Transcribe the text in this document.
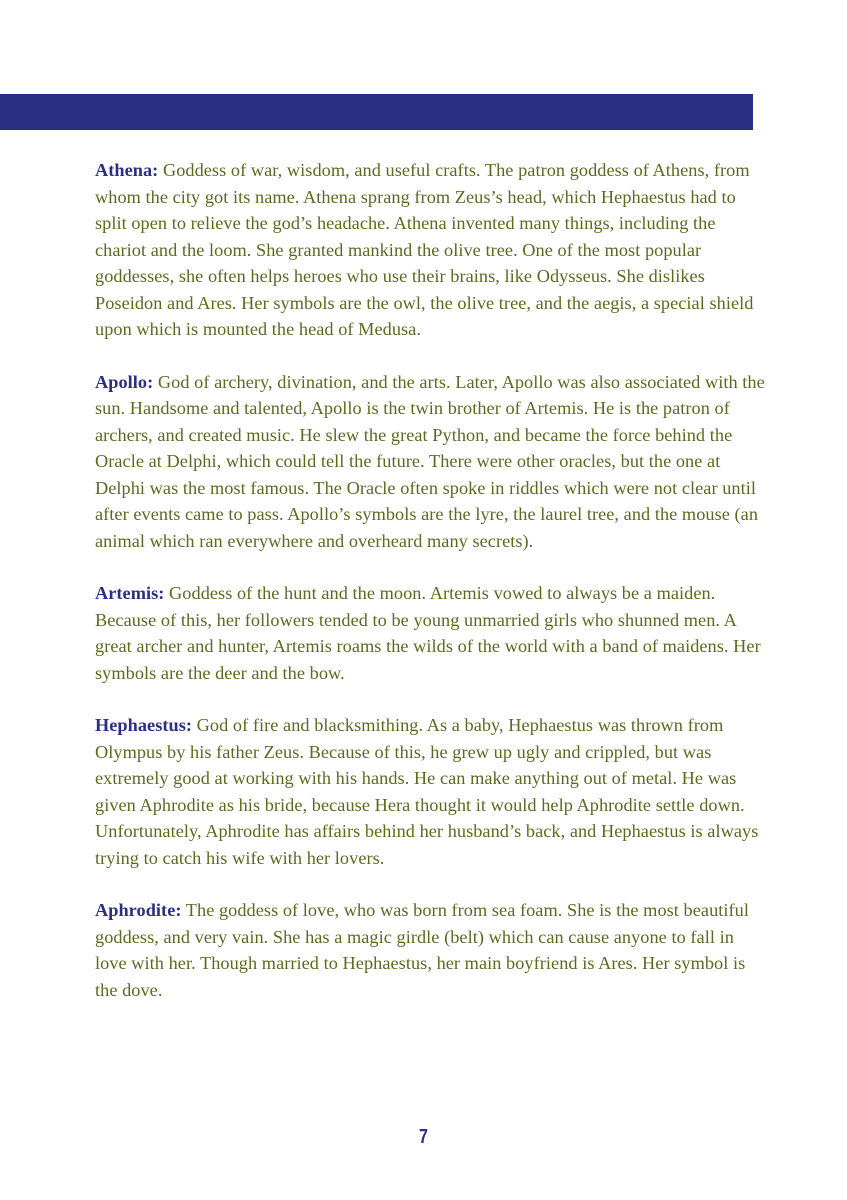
Athena: Goddess of war, wisdom, and useful crafts. The patron goddess of Athens, from whom the city got its name. Athena sprang from Zeus’s head, which Hephaestus had to split open to relieve the god’s headache. Athena invented many things, including the chariot and the loom. She granted mankind the olive tree. One of the most popular goddesses, she often helps heroes who use their brains, like Odysseus. She dislikes Poseidon and Ares. Her symbols are the owl, the olive tree, and the aegis, a special shield upon which is mounted the head of Medusa.

Apollo: God of archery, divination, and the arts. Later, Apollo was also associated with the sun. Handsome and talented, Apollo is the twin brother of Artemis. He is the patron of archers, and created music. He slew the great Python, and became the force behind the Oracle at Delphi, which could tell the future. There were other oracles, but the one at Delphi was the most famous. The Oracle often spoke in riddles which were not clear until after events came to pass. Apollo’s symbols are the lyre, the laurel tree, and the mouse (an animal which ran everywhere and overheard many secrets).

Artemis: Goddess of the hunt and the moon. Artemis vowed to always be a maiden. Because of this, her followers tended to be young unmarried girls who shunned men. A great archer and hunter, Artemis roams the wilds of the world with a band of maidens. Her symbols are the deer and the bow.

Hephaestus: God of fire and blacksmithing. As a baby, Hephaestus was thrown from Olympus by his father Zeus. Because of this, he grew up ugly and crippled, but was extremely good at working with his hands. He can make anything out of metal. He was given Aphrodite as his bride, because Hera thought it would help Aphrodite settle down. Unfortunately, Aphrodite has affairs behind her husband’s back, and Hephaestus is always trying to catch his wife with her lovers.

Aphrodite: The goddess of love, who was born from sea foam. She is the most beautiful goddess, and very vain. She has a magic girdle (belt) which can cause anyone to fall in love with her. Though married to Hephaestus, her main boyfriend is Ares. Her symbol is the dove.

7
